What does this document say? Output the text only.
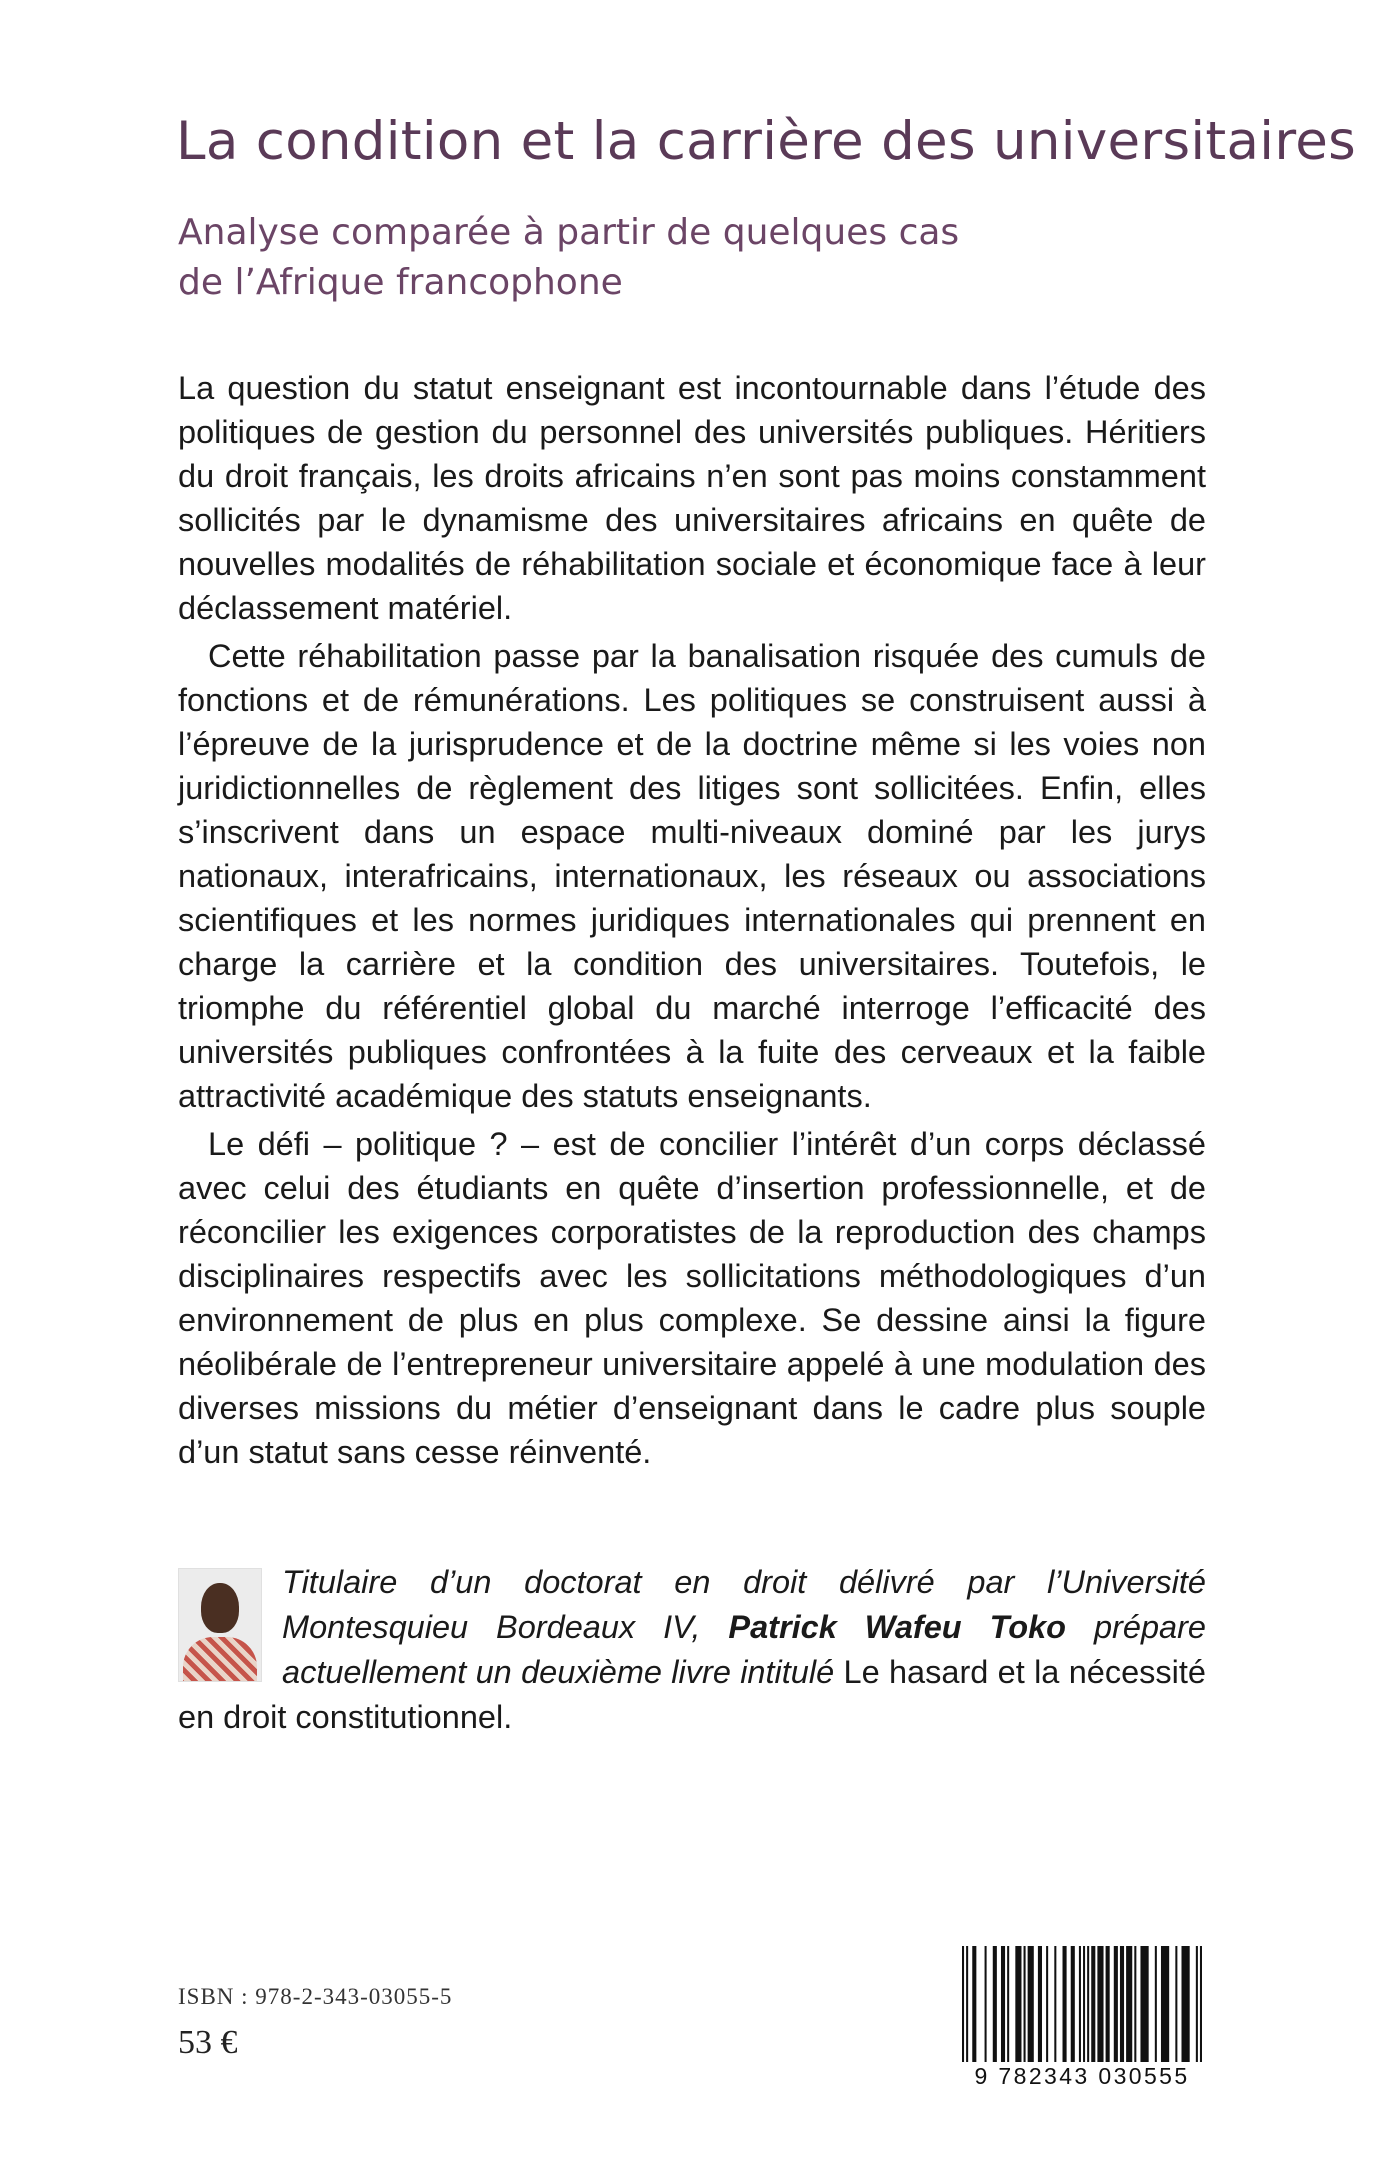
La condition et la carrière des universitaires
Analyse comparée à partir de quelques cas
de l’Afrique francophone

La question du statut enseignant est incontournable dans l’étude des politiques de gestion du personnel des universités publiques. Héritiers du droit français, les droits africains n’en sont pas moins constamment sollicités par le dynamisme des universitaires africains en quête de nouvelles modalités de réhabilitation sociale et économique face à leur déclassement matériel.

Cette réhabilitation passe par la banalisation risquée des cumuls de fonctions et de rémunérations. Les politiques se construisent aussi à l’épreuve de la jurisprudence et de la doctrine même si les voies non juridictionnelles de règlement des litiges sont sollicitées. Enfin, elles s’inscrivent dans un espace multi-niveaux dominé par les jurys nationaux, interafricains, internationaux, les réseaux ou associations scientifiques et les normes juridiques internationales qui prennent en charge la carrière et la condition des universitaires. Toutefois, le triomphe du référentiel global du marché interroge l’efficacité des universités publiques confrontées à la fuite des cerveaux et la faible attractivité académique des statuts enseignants.

Le défi – politique ? – est de concilier l’intérêt d’un corps déclassé avec celui des étudiants en quête d’insertion professionnelle, et de réconcilier les exigences corporatistes de la reproduction des champs disciplinaires respectifs avec les sollicitations méthodologiques d’un environnement de plus en plus complexe. Se dessine ainsi la figure néolibérale de l’entrepreneur universitaire appelé à une modulation des diverses missions du métier d’enseignant dans le cadre plus souple d’un statut sans cesse réinventé.

Titulaire d’un doctorat en droit délivré par l’Université Montesquieu Bordeaux IV, Patrick Wafeu Toko prépare actuellement un deuxième livre intitulé Le hasard et la nécessité en droit constitutionnel.
ISBN : 978-2-343-03055-5
53 €
9 782343 030555
